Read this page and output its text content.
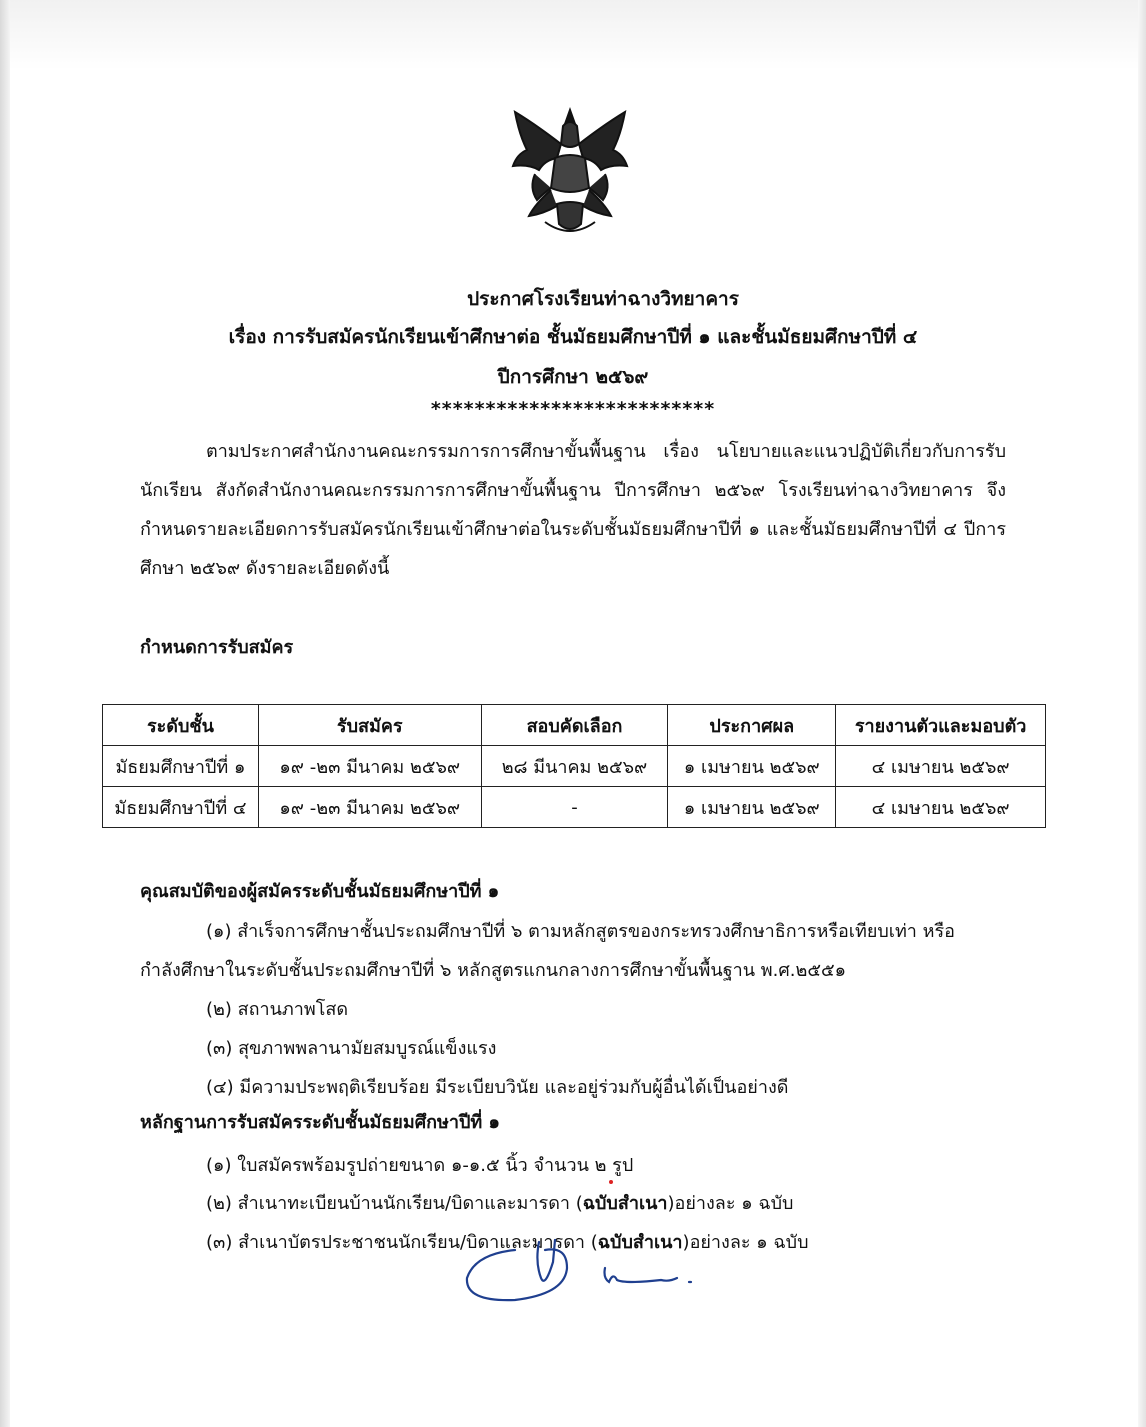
ประกาศโรงเรียนท่าฉางวิทยาคาร
เรื่อง การรับสมัครนักเรียนเข้าศึกษาต่อ ชั้นมัธยมศึกษาปีที่ ๑ และชั้นมัธยมศึกษาปีที่ ๔
ปีการศึกษา ๒๕๖๙
**************************
ตามประกาศสำนักงานคณะกรรมการการศึกษาขั้นพื้นฐาน เรื่อง นโยบายและแนวปฏิบัติเกี่ยวกับการรับนักเรียน สังกัดสำนักงานคณะกรรมการการศึกษาขั้นพื้นฐาน ปีการศึกษา ๒๕๖๙ โรงเรียนท่าฉางวิทยาคาร จึงกำหนดรายละเอียดการรับสมัครนักเรียนเข้าศึกษาต่อในระดับชั้นมัธยมศึกษาปีที่ ๑ และชั้นมัธยมศึกษาปีที่ ๔ ปีการศึกษา ๒๕๖๙ ดังรายละเอียดดังนี้
กำหนดการรับสมัคร
ระดับชั้น	รับสมัคร	สอบคัดเลือก	ประกาศผล	รายงานตัวและมอบตัว
มัธยมศึกษาปีที่ ๑	๑๙ -๒๓ มีนาคม ๒๕๖๙	๒๘ มีนาคม ๒๕๖๙	๑ เมษายน ๒๕๖๙	๔ เมษายน ๒๕๖๙
มัธยมศึกษาปีที่ ๔	๑๙ -๒๓ มีนาคม ๒๕๖๙	-	๑ เมษายน ๒๕๖๙	๔ เมษายน ๒๕๖๙
คุณสมบัติของผู้สมัครระดับชั้นมัธยมศึกษาปีที่ ๑
(๑) สำเร็จการศึกษาชั้นประถมศึกษาปีที่ ๖ ตามหลักสูตรของกระทรวงศึกษาธิการหรือเทียบเท่า หรือ
กำลังศึกษาในระดับชั้นประถมศึกษาปีที่ ๖ หลักสูตรแกนกลางการศึกษาขั้นพื้นฐาน พ.ศ.๒๕๕๑
(๒) สถานภาพโสด
(๓) สุขภาพพลานามัยสมบูรณ์แข็งแรง
(๔) มีความประพฤติเรียบร้อย มีระเบียบวินัย และอยู่ร่วมกับผู้อื่นได้เป็นอย่างดี
หลักฐานการรับสมัครระดับชั้นมัธยมศึกษาปีที่ ๑
(๑) ใบสมัครพร้อมรูปถ่ายขนาด ๑-๑.๕ นิ้ว จำนวน ๒ รูป
(๒) สำเนาทะเบียนบ้านนักเรียน/บิดาและมารดา (ฉบับสำเนา)อย่างละ ๑ ฉบับ
(๓) สำเนาบัตรประชาชนนักเรียน/บิดาและมารดา (ฉบับสำเนา)อย่างละ ๑ ฉบับ
